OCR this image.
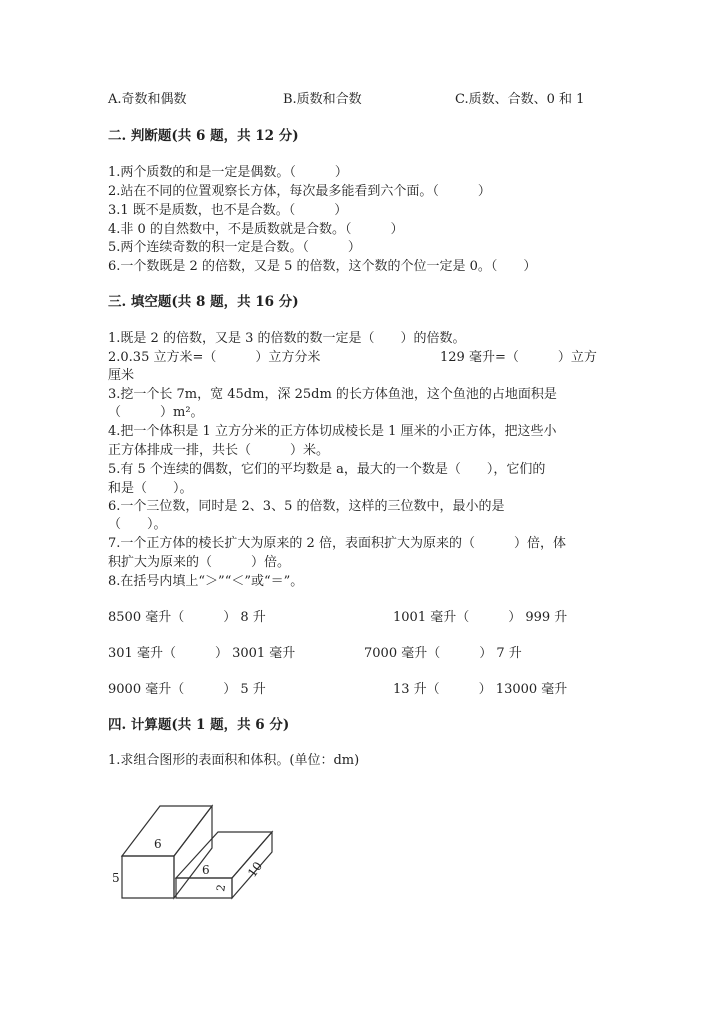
A.奇数和偶数	B.质数和合数	C.质数、合数、0 和 1
二. 判断题(共 6 题，共 12 分)
1.两个质数的和是一定是偶数。（　　　）
2.站在不同的位置观察长方体，每次最多能看到六个面。（　　　）
3.1 既不是质数，也不是合数。（　　　）
4.非 0 的自然数中，不是质数就是合数。（　　　）
5.两个连续奇数的积一定是合数。（　　　）
6.一个数既是 2 的倍数，又是 5 的倍数，这个数的个位一定是 0。（　　）
三. 填空题(共 8 题，共 16 分)
1.既是 2 的倍数，又是 3 的倍数的数一定是（　　）的倍数。
2.0.35 立方米=（　　　）立方分米	129 毫升=（　　　）立方
厘米
3.挖一个长 7m，宽 45dm，深 25dm 的长方体鱼池，这个鱼池的占地面积是
（　　　）m²。
4.把一个体积是 1 立方分米的正方体切成棱长是 1 厘米的小正方体，把这些小
正方体排成一排，共长（　　　）米。
5.有 5 个连续的偶数，它们的平均数是 a，最大的一个数是（　　），它们的
和是（　　）。
6.一个三位数，同时是 2、3、5 的倍数，这样的三位数中，最小的是
（　　）。
7.一个正方体的棱长扩大为原来的 2 倍，表面积扩大为原来的（　　　）倍，体
积扩大为原来的（　　　）倍。
8.在括号内填上“＞”“＜”或“＝”。
8500 毫升（　　　） 8 升	1001 毫升（　　　） 999 升
301 毫升（　　　） 3001 毫升	7000 毫升（　　　） 7 升
9000 毫升（　　　） 5 升	13 升（　　　） 13000 毫升
四. 计算题(共 1 题，共 6 分)
1.求组合图形的表面积和体积。(单位：dm)
6
6
5
2
10
